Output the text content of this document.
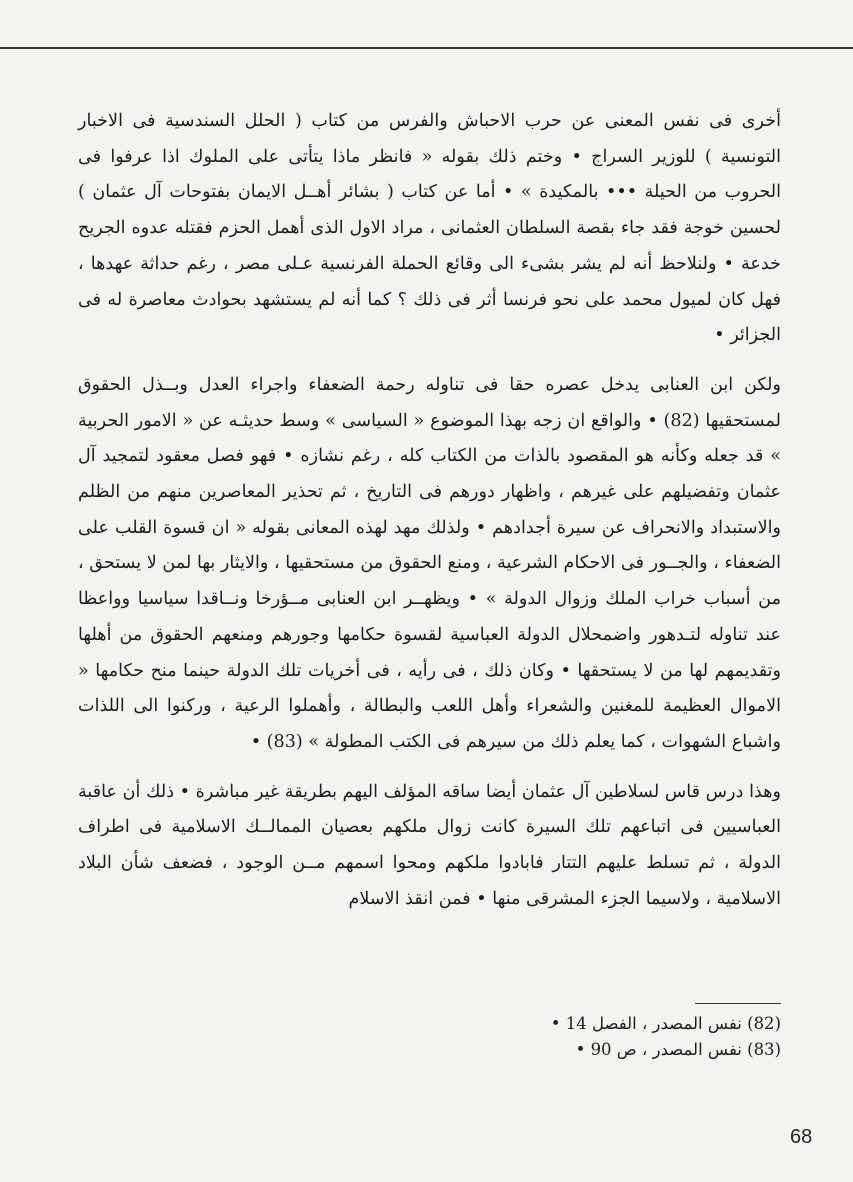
أخرى فى نفس المعنى عن حرب الاحباش والفرس من كتاب ( الحلل السندسية فى الاخبار التونسية ) للوزير السراج • وختم ذلك بقوله « فانظر ماذا يتأتى على الملوك اذا عرفوا فى الحروب من الحيلة ••• بالمكيدة » • أما عن كتاب ( بشائر أهــل الايمان بفتوحات آل عثمان ) لحسين خوجة فقد جاء بقصة السلطان العثمانى ، مراد الاول الذى أهمل الحزم فقتله عدوه الجريح خدعة • ولنلاحظ أنه لم يشر بشىء الى وقائع الحملة الفرنسية عـلى مصر ، رغم حداثة عهدها ، فهل كان لميول محمد على نحو فرنسا أثر فى ذلك ؟ كما أنه لم يستشهد بحوادث معاصرة له فى الجزائر •

ولكن ابن العنابى يدخل عصره حقا فى تناوله رحمة الضعفاء واجراء العدل وبــذل الحقوق لمستحقيها (82) • والواقع ان زجه بهذا الموضوع « السياسى » وسط حديثـه عن « الامور الحربية » قد جعله وكأنه هو المقصود بالذات من الكتاب كله ، رغم نشازه • فهو فصل معقود لتمجيد آل عثمان وتفضيلهم على غيرهم ، واظهار دورهم فى التاريخ ، ثم تحذير المعاصرين منهم من الظلم والاستبداد والانحراف عن سيرة أجدادهم • ولذلك مهد لهذه المعانى بقوله « ان قسوة القلب على الضعفاء ، والجــور فى الاحكام الشرعية ، ومنع الحقوق من مستحقيها ، والايثار بها لمن لا يستحق ، من أسباب خراب الملك وزوال الدولة » • ويظهــر ابن العنابى مــؤرخا ونــاقدا سياسيا وواعظا عند تناوله لتـدهور واضمحلال الدولة العباسية لقسوة حكامها وجورهم ومنعهم الحقوق من أهلها وتقديمهم لها من لا يستحقها • وكان ذلك ، فى رأيه ، فى أخريات تلك الدولة حينما منح حكامها « الاموال العظيمة للمغنين والشعراء وأهل اللعب والبطالة ، وأهملوا الرعية ، وركنوا الى اللذات واشباع الشهوات ، كما يعلم ذلك من سيرهم فى الكتب المطولة » (83) •

وهذا درس قاس لسلاطين آل عثمان أيضا ساقه المؤلف اليهم بطريقة غير مباشرة • ذلك أن عاقبة العباسيين فى اتباعهم تلك السيرة كانت زوال ملكهم بعصيان الممالــك الاسلامية فى اطراف الدولة ، ثم تسلط عليهم التتار فابادوا ملكهم ومحوا اسمهم مــن الوجود ، فضعف شأن البلاد الاسلامية ، ولاسيما الجزء المشرقى منها • فمن انقذ الاسلام

(82) نفس المصدر ، الفصل 14 •

(83) نفس المصدر ، ص 90 •

68
